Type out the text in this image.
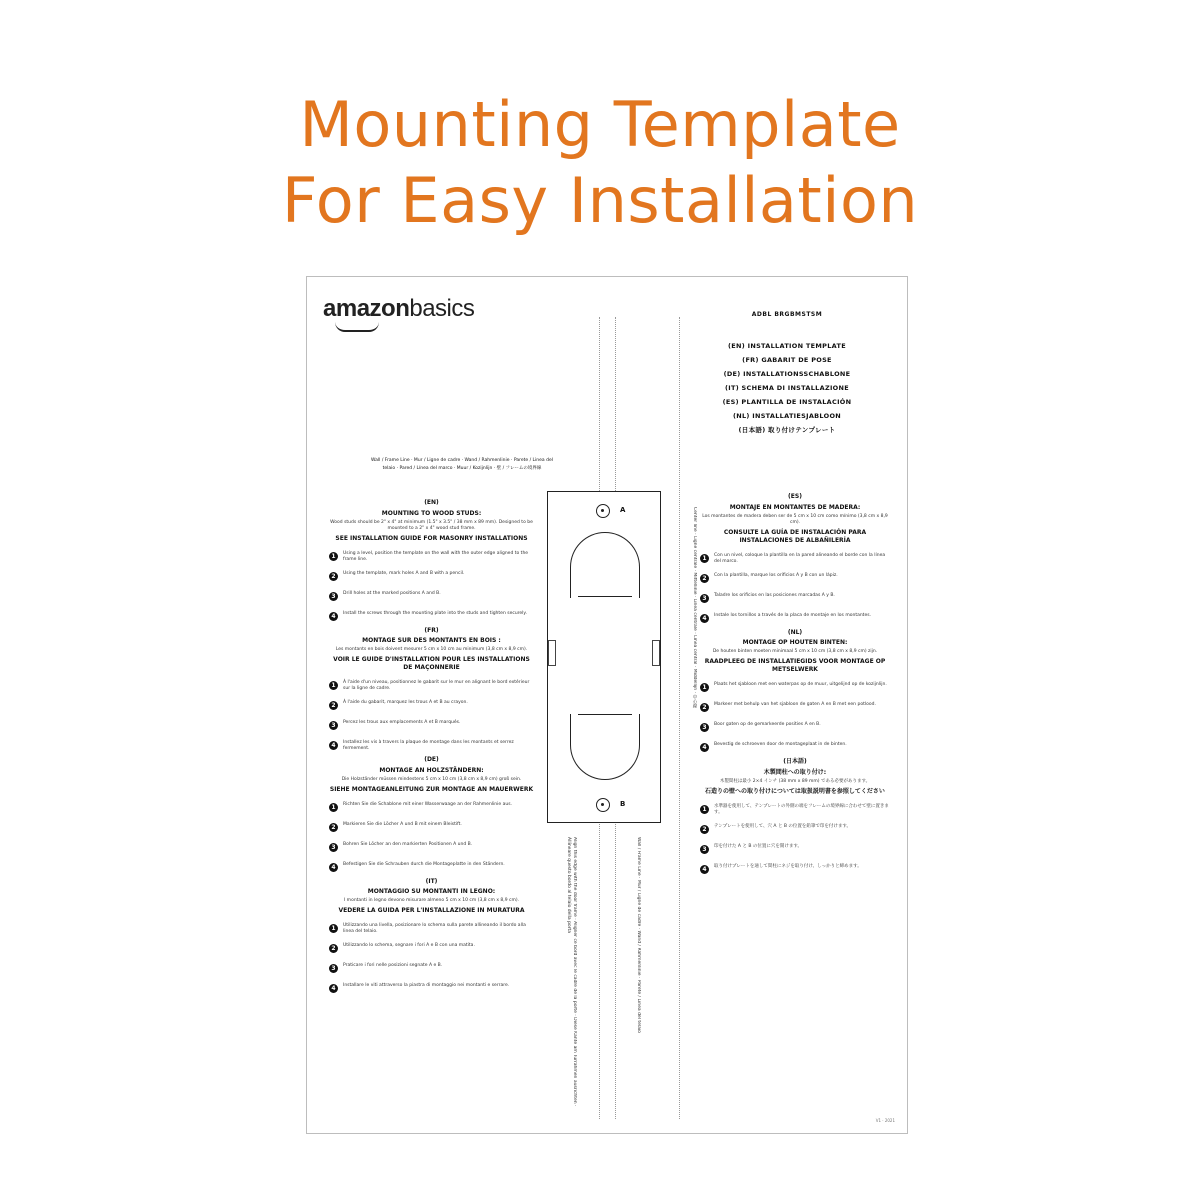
Mounting Template
For Easy Installation
amazonbasics	ADBL BRGBMSTSM
(EN) INSTALLATION TEMPLATE
(FR) GABARIT DE POSE
(DE) INSTALLATIONSSCHABLONE
(IT) SCHEMA DI INSTALLAZIONE
(ES) PLANTILLA DE INSTALACIÓN
(NL) INSTALLATIESJABLOON
(日本語) 取り付けテンプレート
Wall / Frame Line · Mur / Ligne de cadre · Wand / Rahmenlinie · Parete / Linea del telaio · Pared / Línea del marco · Muur / Kozijnlijn · 壁 / フレームの境界線
(EN)
MOUNTING TO WOOD STUDS:
Wood studs should be 2" x 4" at minimum (1.5" x 3.5" / 38 mm x 89 mm). Designed to be mounted to a 2" x 4" wood stud frame.
SEE INSTALLATION GUIDE FOR MASONRY INSTALLATIONS
1	Using a level, position the template on the wall with the outer edge aligned to the frame line.
2	Using the template, mark holes A and B with a pencil.
3	Drill holes at the marked positions A and B.
4	Install the screws through the mounting plate into the studs and tighten securely.
(FR)
MONTAGE SUR DES MONTANTS EN BOIS :
Les montants en bois doivent mesurer 5 cm x 10 cm au minimum (3,8 cm x 8,9 cm).
VOIR LE GUIDE D'INSTALLATION POUR LES INSTALLATIONS DE MAÇONNERIE
1	À l'aide d'un niveau, positionnez le gabarit sur le mur en alignant le bord extérieur sur la ligne de cadre.
2	À l'aide du gabarit, marquez les trous A et B au crayon.
3	Percez les trous aux emplacements A et B marqués.
4	Installez les vis à travers la plaque de montage dans les montants et serrez fermement.
(DE)
MONTAGE AN HOLZSTÄNDERN:
Die Holzständer müssen mindestens 5 cm x 10 cm (3,8 cm x 8,9 cm) groß sein.
SIEHE MONTAGEANLEITUNG ZUR MONTAGE AN MAUERWERK
1	Richten Sie die Schablone mit einer Wasserwaage an der Rahmenlinie aus.
2	Markieren Sie die Löcher A und B mit einem Bleistift.
3	Bohren Sie Löcher an den markierten Positionen A und B.
4	Befestigen Sie die Schrauben durch die Montageplatte in den Ständern.
(IT)
MONTAGGIO SU MONTANTI IN LEGNO:
I montanti in legno devono misurare almeno 5 cm x 10 cm (3,8 cm x 8,9 cm).
VEDERE LA GUIDA PER L'INSTALLAZIONE IN MURATURA
1	Utilizzando una livella, posizionare lo schema sulla parete allineando il bordo alla linea del telaio.
2	Utilizzando lo schema, segnare i fori A e B con una matita.
3	Praticare i fori nelle posizioni segnate A e B.
4	Installare le viti attraverso la piastra di montaggio nei montanti e serrare.
(ES)
MONTAJE EN MONTANTES DE MADERA:
Los montantes de madera deben ser de 5 cm x 10 cm como mínimo (3,8 cm x 8,9 cm).
CONSULTE LA GUÍA DE INSTALACIÓN PARA INSTALACIONES DE ALBAÑILERÍA
1	Con un nivel, coloque la plantilla en la pared alineando el borde con la línea del marco.
2	Con la plantilla, marque los orificios A y B con un lápiz.
3	Taladre los orificios en las posiciones marcadas A y B.
4	Instale los tornillos a través de la placa de montaje en los montantes.
(NL)
MONTAGE OP HOUTEN BINTEN:
De houten binten moeten minimaal 5 cm x 10 cm (3,8 cm x 8,9 cm) zijn.
RAADPLEEG DE INSTALLATIEGIDS VOOR MONTAGE OP METSELWERK
1	Plaats het sjabloon met een waterpas op de muur, uitgelijnd op de kozijnlijn.
2	Markeer met behulp van het sjabloon de gaten A en B met een potlood.
3	Boor gaten op de gemarkeerde posities A en B.
4	Bevestig de schroeven door de montageplaat in de binten.
(日本語)
木製間柱への取り付け:
木製間柱は最小 2×4 インチ (38 mm x 89 mm) である必要があります。
石造りの壁への取り付けについては取扱説明書を参照してください
1	水準器を使用して、テンプレートの外側の端をフレームの境界線に合わせて壁に置きます。
2	テンプレートを使用して、穴 A と B の位置を鉛筆で印を付けます。
3	印を付けた A と B の位置に穴を開けます。
4	取り付けプレートを通して間柱にネジを取り付け、しっかりと締めます。
A
B
Align this edge with the door frame · Aligner ce bord avec le cadre de la porte · Diese Kante am Türrahmen ausrichten · Allineare questo bordo al telaio della porta	Wall / Frame Line · Mur / Ligne de cadre · Wand / Rahmenlinie · Parete / Linea del telaio
Center line · Ligne centrale · Mittellinie · Linea centrale · Línea central · Middellijn · 中心線
V1 · 2021
